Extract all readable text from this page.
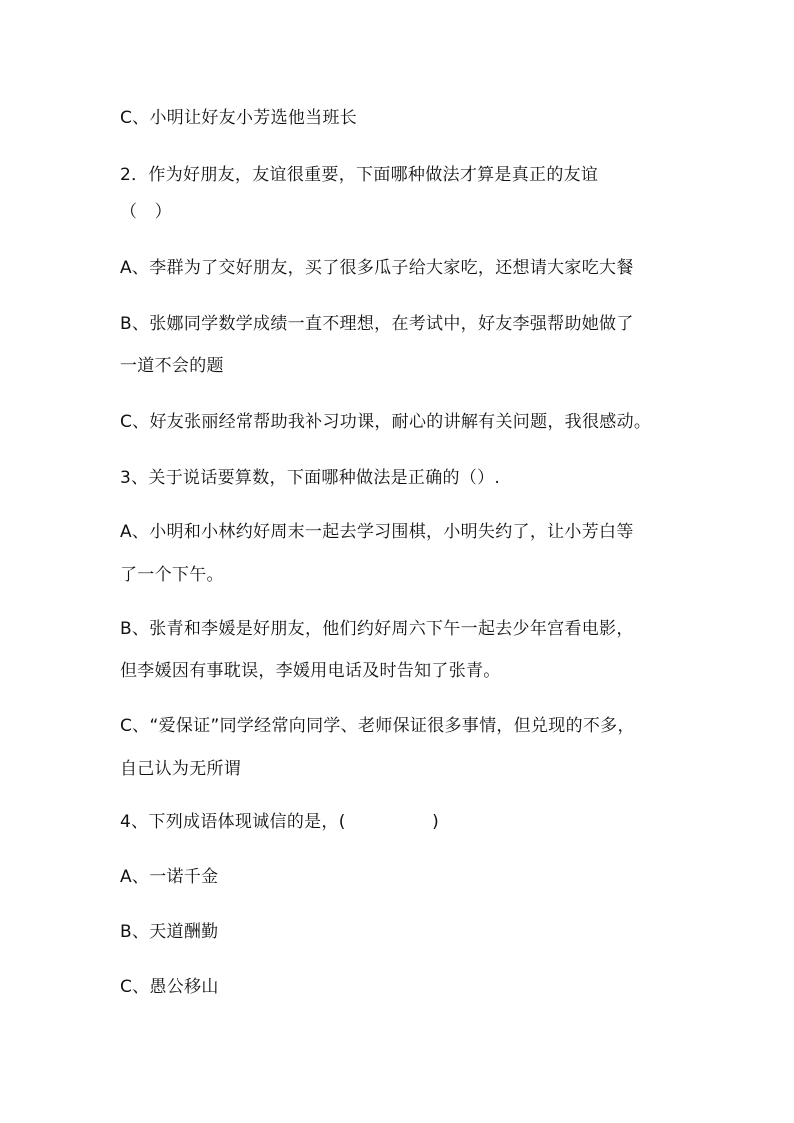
C、小明让好友小芳选他当班长
2．作为好朋友，友谊很重要，下面哪种做法才算是真正的友谊
（　）
A、李群为了交好朋友，买了很多瓜子给大家吃，还想请大家吃大餐
B、张娜同学数学成绩一直不理想，在考试中，好友李强帮助她做了
一道不会的题
C、好友张丽经常帮助我补习功课，耐心的讲解有关问题，我很感动。
3、关于说话要算数，下面哪种做法是正确的（）.
A、小明和小林约好周末一起去学习围棋，小明失约了，让小芳白等
了一个下午。
B、张青和李媛是好朋友，他们约好周六下午一起去少年宫看电影，
但李媛因有事耽误，李媛用电话及时告知了张青。
C、“爱保证”同学经常向同学、老师保证很多事情，但兑现的不多，
自己认为无所谓
4、下列成语体现诚信的是，(　　　　　)
A、一诺千金
B、天道酬勤
C、愚公移山
